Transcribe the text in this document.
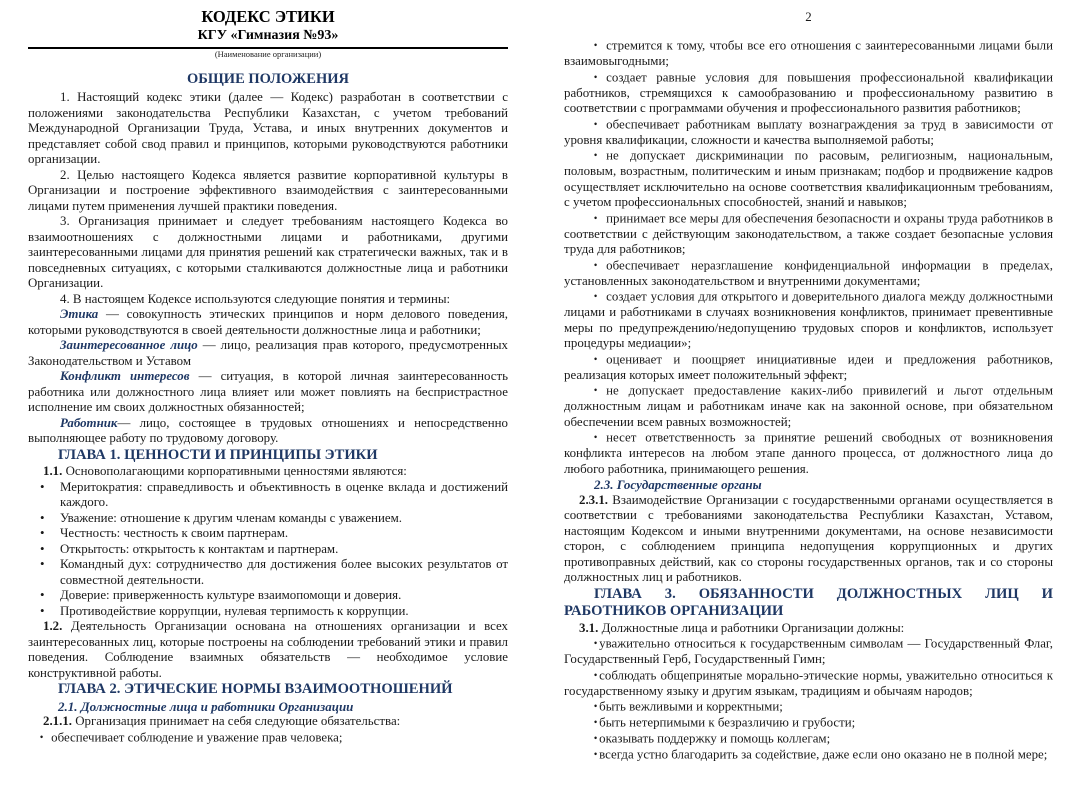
КОДЕКС ЭТИКИ
КГУ «Гимназия №93»
(Наименование организации)
ОБЩИЕ ПОЛОЖЕНИЯ

1. Настоящий кодекс этики (далее — Кодекс) разработан в соответствии с положениями законодательства Республики Казахстан, с учетом требований Международной Организации Труда, Устава, и иных внутренних документов и представляет собой свод правил и принципов, которыми руководствуются работники организации.

2. Целью настоящего Кодекса является развитие корпоративной культуры в Организации и построение эффективного взаимодействия с заинтересованными лицами путем применения лучшей практики поведения.

3. Организация принимает и следует требованиям настоящего Кодекса во взаимоотношениях с должностными лицами и работниками, другими заинтересованными лицами для принятия решений как стратегически важных, так и в повседневных ситуациях, с которыми сталкиваются должностные лица и работники Организации.

4. В настоящем Кодексе используются следующие понятия и термины:

Этика — совокупность этических принципов и норм делового поведения, которыми руководствуются в своей деятельности должностные лица и работники;

Заинтересованное лицо — лицо, реализация прав которого, предусмотренных Законодательством и Уставом

Конфликт интересов — ситуация, в которой личная заинтересованность работника или должностного лица влияет или может повлиять на беспристрастное исполнение им своих должностных обязанностей;

Работник— лицо, состоящее в трудовых отношениях и непосредственно выполняющее работу по трудовому договору.

ГЛАВА 1. ЦЕННОСТИ И ПРИНЦИПЫ ЭТИКИ

1.1. Основополагающими корпоративными ценностями являются:

• Меритократия: справедливость и объективность в оценке вклада и достижений каждого.
• Уважение: отношение к другим членам команды с уважением.
• Честность: честность к своим партнерам.
• Открытость: открытость к контактам и партнерам.
• Командный дух: сотрудничество для достижения более высоких результатов от совместной деятельности.
• Доверие: приверженность культуре взаимопомощи и доверия.
• Противодействие коррупции, нулевая терпимость к коррупции.

1.2. Деятельность Организации основана на отношениях организации и всех заинтересованных лиц, которые построены на соблюдении требований этики и правил поведения. Соблюдение взаимных обязательств — необходимое условие конструктивной работы.

ГЛАВА 2. ЭТИЧЕСКИЕ НОРМЫ ВЗАИМООТНОШЕНИЙ
2.1. Должностные лица и работники Организации

2.1.1. Организация принимает на себя следующие обязательства:

• обеспечивает соблюдение и уважение прав человека;

2

• стремится к тому, чтобы все его отношения с заинтересованными лицами были взаимовыгодными;

• создает равные условия для повышения профессиональной квалификации работников, стремящихся к самообразованию и профессиональному развитию в соответствии с программами обучения и профессионального развития работников;

• обеспечивает работникам выплату вознаграждения за труд в зависимости от уровня квалификации, сложности и качества выполняемой работы;

• не допускает дискриминации по расовым, религиозным, национальным, половым, возрастным, политическим и иным признакам; подбор и продвижение кадров осуществляет исключительно на основе соответствия квалификационным требованиям, с учетом профессиональных способностей, знаний и навыков;

• принимает все меры для обеспечения безопасности и охраны труда работников в соответствии с действующим законодательством, а также создает безопасные условия труда для работников;

• обеспечивает неразглашение конфиденциальной информации в пределах, установленных законодательством и внутренними документами;

• создает условия для открытого и доверительного диалога между должностными лицами и работниками в случаях возникновения конфликтов, принимает превентивные меры по предупреждению/недопущению трудовых споров и конфликтов, использует процедуры медиации»;

• оценивает и поощряет инициативные идеи и предложения работников, реализация которых имеет положительный эффект;

• не допускает предоставление каких-либо привилегий и льгот отдельным должностным лицам и работникам иначе как на законной основе, при обязательном обеспечении всем равных возможностей;

• несет ответственность за принятие решений свободных от возникновения конфликта интересов на любом этапе данного процесса, от должностного лица до любого работника, принимающего решения.

2.3. Государственные органы

2.3.1. Взаимодействие Организации с государственными органами осуществляется в соответствии с требованиями законодательства Республики Казахстан, Уставом, настоящим Кодексом и иными внутренними документами, на основе независимости сторон, с соблюдением принципа недопущения коррупционных и других противоправных действий, как со стороны государственных органов, так и со стороны должностных лиц и работников.

ГЛАВА 3. ОБЯЗАННОСТИ ДОЛЖНОСТНЫХ ЛИЦ И РАБОТНИКОВ ОРГАНИЗАЦИИ

3.1. Должностные лица и работники Организации должны:

• уважительно относиться к государственным символам — Государственный Флаг, Государственный Герб, Государственный Гимн;

• соблюдать общепринятые морально-этические нормы, уважительно относиться к государственному языку и другим языкам, традициям и обычаям народов;

• быть вежливыми и корректными;

• быть нетерпимыми к безразличию и грубости;

• оказывать поддержку и помощь коллегам;

• всегда устно благодарить за содействие, даже если оно оказано не в полной мере;
